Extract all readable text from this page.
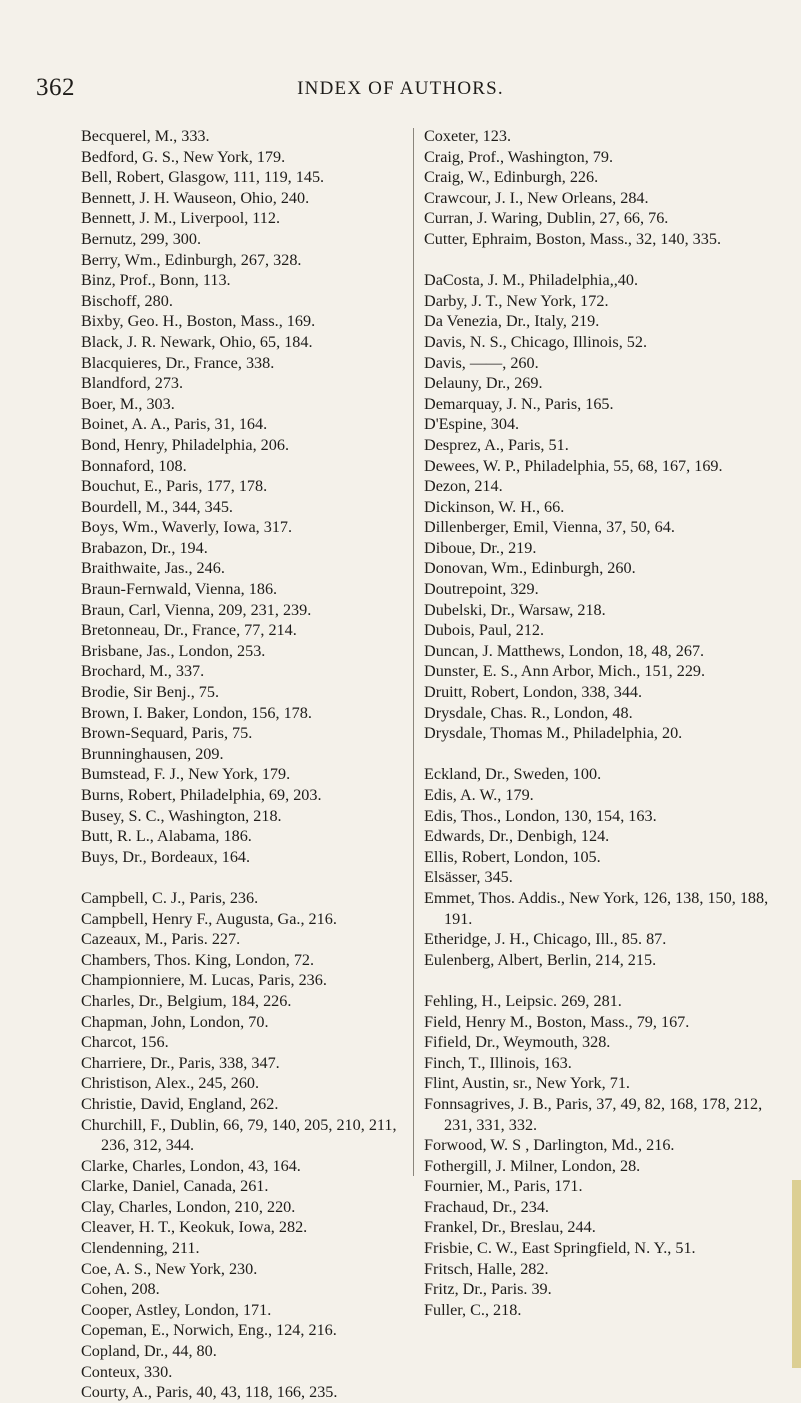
362	INDEX OF AUTHORS.
Becquerel, M., 333.
Bedford, G. S., New York, 179.
Bell, Robert, Glasgow, 111, 119, 145.
Bennett, J. H. Wauseon, Ohio, 240.
Bennett, J. M., Liverpool, 112.
Bernutz, 299, 300.
Berry, Wm., Edinburgh, 267, 328.
Binz, Prof., Bonn, 113.
Bischoff, 280.
Bixby, Geo. H., Boston, Mass., 169.
Black, J. R. Newark, Ohio, 65, 184.
Blacquieres, Dr., France, 338.
Blandford, 273.
Boer, M., 303.
Boinet, A. A., Paris, 31, 164.
Bond, Henry, Philadelphia, 206.
Bonnaford, 108.
Bouchut, E., Paris, 177, 178.
Bourdell, M., 344, 345.
Boys, Wm., Waverly, Iowa, 317.
Brabazon, Dr., 194.
Braithwaite, Jas., 246.
Braun-Fernwald, Vienna, 186.
Braun, Carl, Vienna, 209, 231, 239.
Bretonneau, Dr., France, 77, 214.
Brisbane, Jas., London, 253.
Brochard, M., 337.
Brodie, Sir Benj., 75.
Brown, I. Baker, London, 156, 178.
Brown-Sequard, Paris, 75.
Brunninghausen, 209.
Bumstead, F. J., New York, 179.
Burns, Robert, Philadelphia, 69, 203.
Busey, S. C., Washington, 218.
Butt, R. L., Alabama, 186.
Buys, Dr., Bordeaux, 164.
Campbell, C. J., Paris, 236.
Campbell, Henry F., Augusta, Ga., 216.
Cazeaux, M., Paris. 227.
Chambers, Thos. King, London, 72.
Championniere, M. Lucas, Paris, 236.
Charles, Dr., Belgium, 184, 226.
Chapman, John, London, 70.
Charcot, 156.
Charriere, Dr., Paris, 338, 347.
Christison, Alex., 245, 260.
Christie, David, England, 262.
Churchill, F., Dublin, 66, 79, 140, 205, 210, 211, 236, 312, 344.
Clarke, Charles, London, 43, 164.
Clarke, Daniel, Canada, 261.
Clay, Charles, London, 210, 220.
Cleaver, H. T., Keokuk, Iowa, 282.
Clendenning, 211.
Coe, A. S., New York, 230.
Cohen, 208.
Cooper, Astley, London, 171.
Copeman, E., Norwich, Eng., 124, 216.
Copland, Dr., 44, 80.
Conteux, 330.
Courty, A., Paris, 40, 43, 118, 166, 235.
Coxeter, 123.
Craig, Prof., Washington, 79.
Craig, W., Edinburgh, 226.
Crawcour, J. I., New Orleans, 284.
Curran, J. Waring, Dublin, 27, 66, 76.
Cutter, Ephraim, Boston, Mass., 32, 140, 335.
DaCosta, J. M., Philadelphia,,40.
Darby, J. T., New York, 172.
Da Venezia, Dr., Italy, 219.
Davis, N. S., Chicago, Illinois, 52.
Davis, ——, 260.
Delauny, Dr., 269.
Demarquay, J. N., Paris, 165.
D'Espine, 304.
Desprez, A., Paris, 51.
Dewees, W. P., Philadelphia, 55, 68, 167, 169.
Dezon, 214.
Dickinson, W. H., 66.
Dillenberger, Emil, Vienna, 37, 50, 64.
Diboue, Dr., 219.
Donovan, Wm., Edinburgh, 260.
Doutrepoint, 329.
Dubelski, Dr., Warsaw, 218.
Dubois, Paul, 212.
Duncan, J. Matthews, London, 18, 48, 267.
Dunster, E. S., Ann Arbor, Mich., 151, 229.
Druitt, Robert, London, 338, 344.
Drysdale, Chas. R., London, 48.
Drysdale, Thomas M., Philadelphia, 20.
Eckland, Dr., Sweden, 100.
Edis, A. W., 179.
Edis, Thos., London, 130, 154, 163.
Edwards, Dr., Denbigh, 124.
Ellis, Robert, London, 105.
Elsässer, 345.
Emmet, Thos. Addis., New York, 126, 138, 150, 188, 191.
Etheridge, J. H., Chicago, Ill., 85. 87.
Eulenberg, Albert, Berlin, 214, 215.
Fehling, H., Leipsic. 269, 281.
Field, Henry M., Boston, Mass., 79, 167.
Fifield, Dr., Weymouth, 328.
Finch, T., Illinois, 163.
Flint, Austin, sr., New York, 71.
Fonnsagrives, J. B., Paris, 37, 49, 82, 168, 178, 212, 231, 331, 332.
Forwood, W. S , Darlington, Md., 216.
Fothergill, J. Milner, London, 28.
Fournier, M., Paris, 171.
Frachaud, Dr., 234.
Frankel, Dr., Breslau, 244.
Frisbie, C. W., East Springfield, N. Y., 51.
Fritsch, Halle, 282.
Fritz, Dr., Paris. 39.
Fuller, C., 218.
